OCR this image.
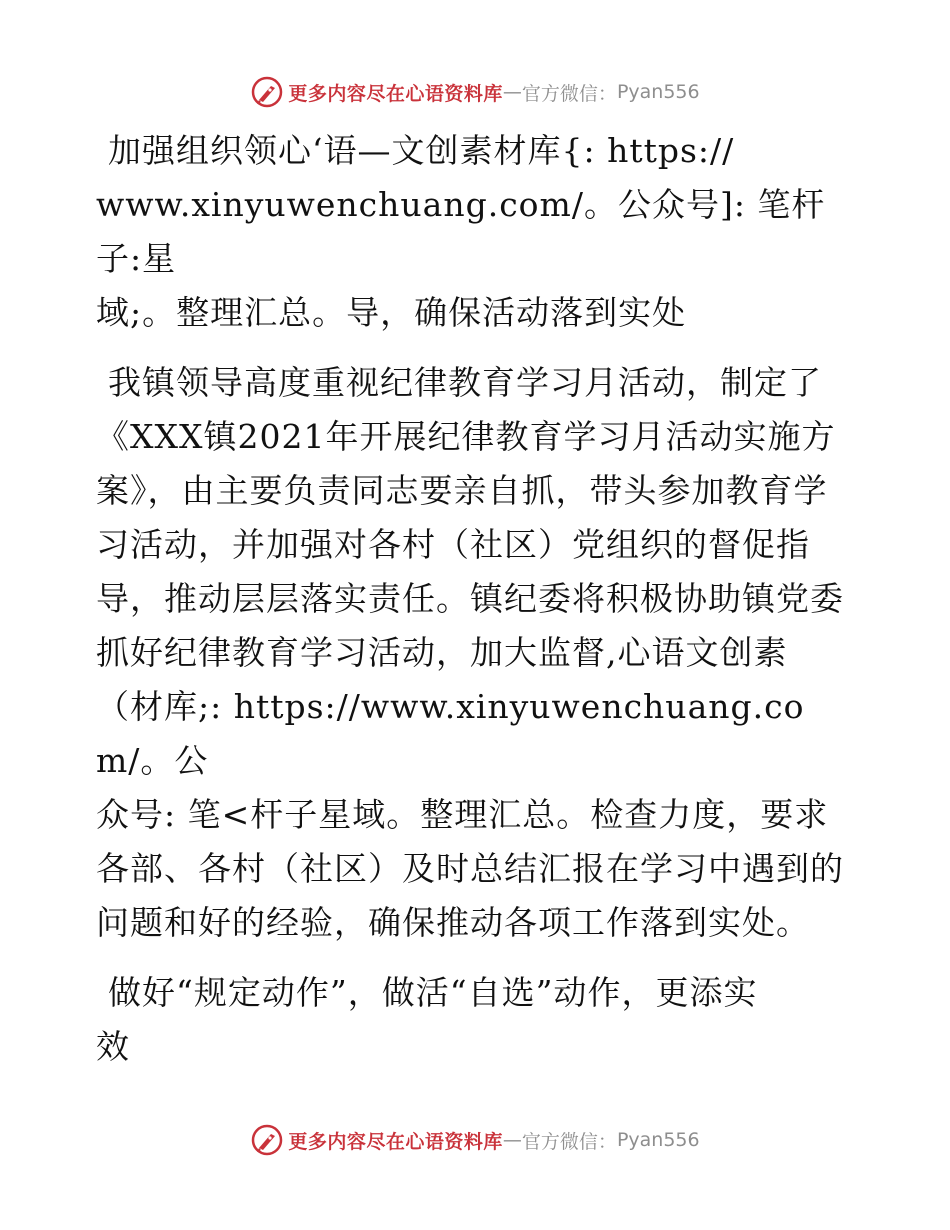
更多内容尽在心语资料库 — 官方微信： Pyan556

加强组织领心‘语—文创素材库{: https://
www.xinyuwenchuang.com/。公众号]: 笔杆子:星
域;。整理汇总。导，确保活动落到实处

我镇领导高度重视纪律教育学习月活动，制定了
《XXX镇2021年开展纪律教育学习月活动实施方
案》，由主要负责同志要亲自抓，带头参加教育学
习活动，并加强对各村（社区）党组织的督促指
导，推动层层落实责任。镇纪委将积极协助镇党委
抓好纪律教育学习活动，加大监督,心语文创素
（材库;: https://www.xinyuwenchuang.com/。公
众号: 笔<杆子星域。整理汇总。检查力度，要求
各部、各村（社区）及时总结汇报在学习中遇到的
问题和好的经验，确保推动各项工作落到实处。

做好“规定动作”，做活“自选”动作，更添实
效

更多内容尽在心语资料库 — 官方微信： Pyan556
